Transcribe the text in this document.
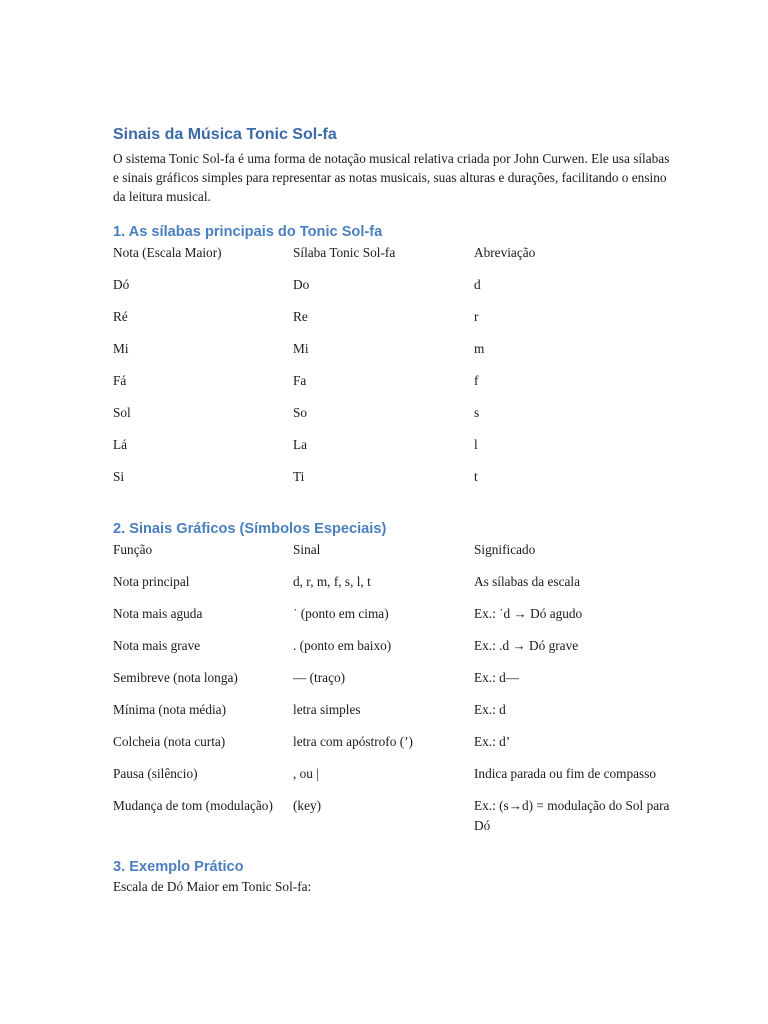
Sinais da Música Tonic Sol-fa

O sistema Tonic Sol-fa é uma forma de notação musical relativa criada por John Curwen. Ele usa sílabas e sinais gráficos simples para representar as notas musicais, suas alturas e durações, facilitando o ensino da leitura musical.

1. As sílabas principais do Tonic Sol-fa
Nota (Escala Maior)	Sílaba Tonic Sol-fa	Abreviação
Dó	Do	d
Ré	Re	r
Mi	Mi	m
Fá	Fa	f
Sol	So	s
Lá	La	l
Si	Ti	t
2. Sinais Gráficos (Símbolos Especiais)
Função	Sinal	Significado
Nota principal	d, r, m, f, s, l, t	As sílabas da escala
Nota mais aguda	˙ (ponto em cima)	Ex.: ˙d → Dó agudo
Nota mais grave	. (ponto em baixo)	Ex.: .d → Dó grave
Semibreve (nota longa)	— (traço)	Ex.: d—
Mínima (nota média)	letra simples	Ex.: d
Colcheia (nota curta)	letra com apóstrofo (’)	Ex.: d’
Pausa (silêncio)	, ou |	Indica parada ou fim de compasso
Mudança de tom (modulação)	(key)	Ex.: (s→d) = modulação do Sol para Dó
3. Exemplo Prático

Escala de Dó Maior em Tonic Sol-fa:
